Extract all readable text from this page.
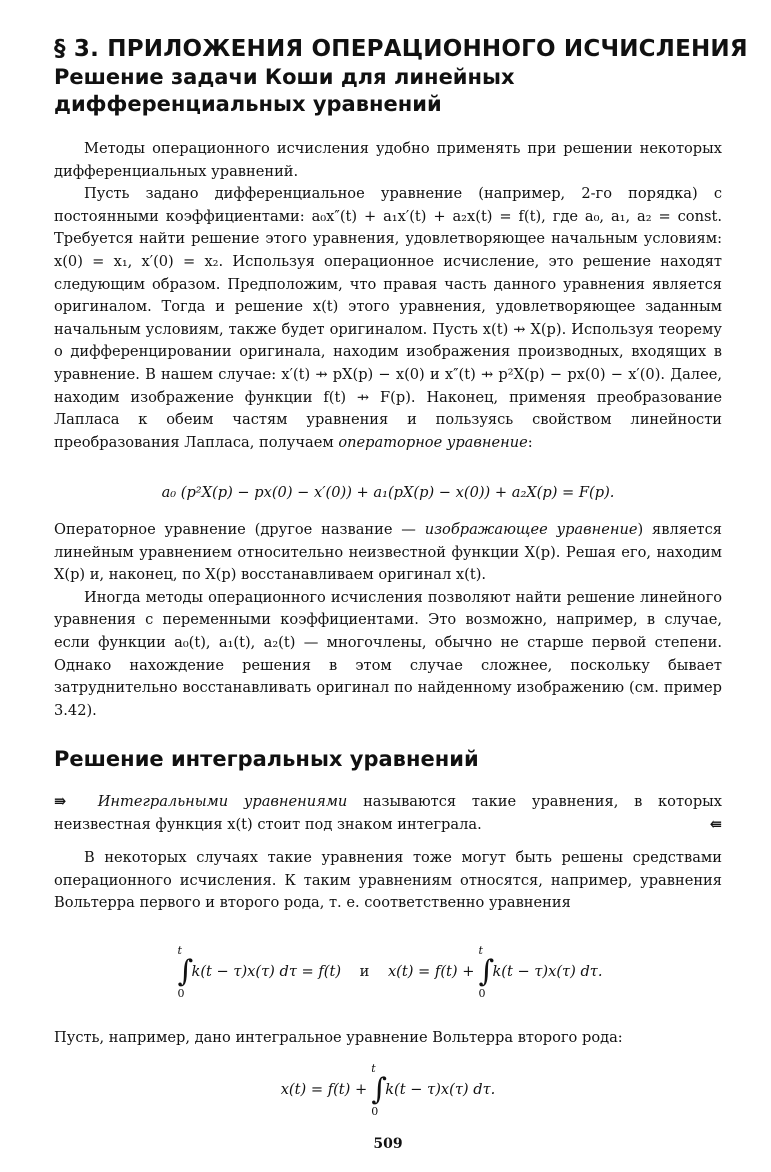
§ 3. ПРИЛОЖЕНИЯ ОПЕРАЦИОННОГО ИСЧИСЛЕНИЯ
Решение задачи Коши для линейных
дифференциальных уравнений

Методы операционного исчисления удобно применять при решении некоторых дифференциальных уравнений.

Пусть задано дифференциальное уравнение (например, 2-го порядка) с постоянными коэффициентами: a₀x″(t) + a₁x′(t) + a₂x(t) = f(t), где a₀, a₁, a₂ = const. Требуется найти решение этого уравнения, удовлетворяющее начальным условиям: x(0) = x₁, x′(0) = x₂. Используя операционное исчисление, это решение находят следующим образом. Предположим, что правая часть данного уравнения является оригиналом. Тогда и решение x(t) этого уравнения, удовлетворяющее заданным начальным условиям, также будет оригиналом. Пусть x(t) ⇸ X(p). Используя теорему о дифференцировании оригинала, находим изображения производных, входящих в уравнение. В нашем случае: x′(t) ⇸ pX(p) − x(0) и x″(t) ⇸ p²X(p) − px(0) − x′(0). Далее, находим изображение функции f(t) ⇸ F(p). Наконец, применяя преобразование Лапласа к обеим частям уравнения и пользуясь свойством линейности преобразования Лапласа, получаем операторное уравнение:

a₀ (p²X(p) − px(0) − x′(0)) + a₁(pX(p) − x(0)) + a₂X(p) = F(p).

Операторное уравнение (другое название — изображающее уравнение) является линейным уравнением относительно неизвестной функции X(p). Решая его, находим X(p) и, наконец, по X(p) восстанавливаем оригинал x(t).

Иногда методы операционного исчисления позволяют найти решение линейного уравнения с переменными коэффициентами. Это возможно, например, в случае, если функции a₀(t), a₁(t), a₂(t) — многочлены, обычно не старше первой степени. Однако нахождение решения в этом случае сложнее, поскольку бывает затруднительно восстанавливать оригинал по найденному изображению (см. пример 3.42).

Решение интегральных уравнений

⇛ Интегральными уравнениями называются такие уравнения, в которых неизвестная функция x(t) стоит под знаком интеграла.	⇚

В некоторых случаях такие уравнения тоже могут быть решены средствами операционного исчисления. К таким уравнениям относятся, например, уравнения Вольтерра первого и второго рода, т. е. соответственно уравнения

t
∫
0
k(t − τ)x(τ) dτ = f(t) и x(t) = f(t) +
t
∫
0
k(t − τ)x(τ) dτ.

Пусть, например, дано интегральное уравнение Вольтерра второго рода:

x(t) = f(t) +
t
∫
0
k(t − τ)x(τ) dτ.
509
